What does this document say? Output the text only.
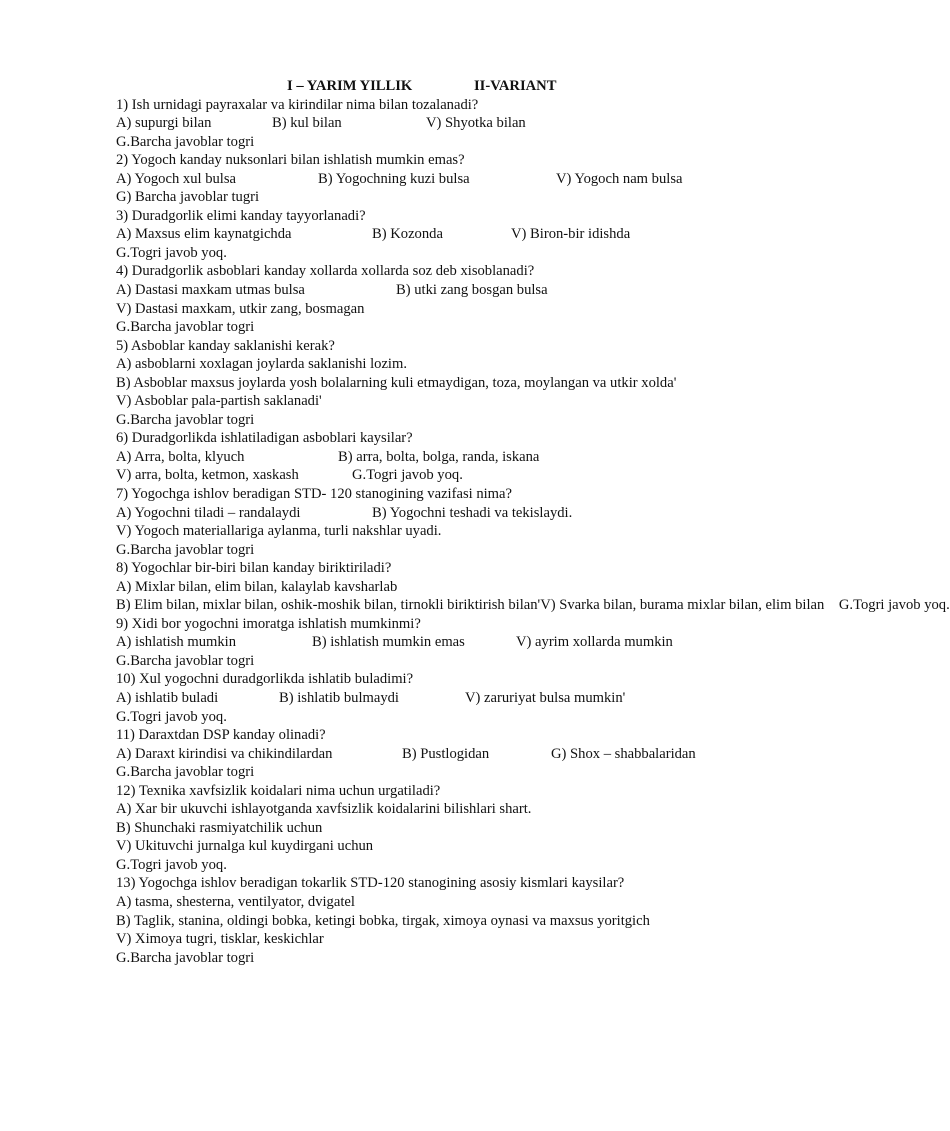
I – YARIM YILLIK	II-VARIANT
1) Ish urnidagi payraxalar va kirindilar nima bilan tozalanadi?
A) supurgi bilan	B) kul bilan	V) Shyotka bilan
G.Barcha javoblar togri
2) Yogoch kanday nuksonlari bilan ishlatish mumkin emas?
A) Yogoch xul bulsa	B) Yogochning kuzi bulsa	V) Yogoch nam bulsa
G) Barcha javoblar tugri
3) Duradgorlik elimi kanday tayyorlanadi?
A) Maxsus elim kaynatgichda	B) Kozonda	V) Biron-bir idishda
G.Togri javob yoq.
4) Duradgorlik asboblari kanday xollarda xollarda soz deb xisoblanadi?
A) Dastasi maxkam utmas bulsa	B) utki zang bosgan bulsa
V) Dastasi maxkam, utkir zang, bosmagan
G.Barcha javoblar togri
5) Asboblar kanday saklanishi kerak?
A) asboblarni xoxlagan joylarda saklanishi lozim.
B) Asboblar maxsus joylarda yosh bolalarning kuli etmaydigan, toza, moylangan va utkir xolda'
V) Asboblar pala-partish saklanadi'
G.Barcha javoblar togri
6) Duradgorlikda ishlatiladigan asboblari kaysilar?
A) Arra, bolta, klyuch	B) arra, bolta, bolga, randa, iskana
V) arra, bolta, ketmon, xaskash	G.Togri javob yoq.
7) Yogochga ishlov beradigan STD- 120 stanogining vazifasi nima?
A) Yogochni tiladi – randalaydi	B) Yogochni teshadi va tekislaydi.
V) Yogoch materiallariga aylanma, turli nakshlar uyadi.
G.Barcha javoblar togri
8) Yogochlar bir-biri bilan kanday biriktiriladi?
A) Mixlar bilan, elim bilan, kalaylab kavsharlab
B) Elim bilan, mixlar bilan, oshik-moshik bilan, tirnokli biriktirish bilan'V) Svarka bilan, burama mixlar bilan, elim bilan G.Togri javob yoq.
9) Xidi bor yogochni imoratga ishlatish mumkinmi?
A) ishlatish mumkin	B) ishlatish mumkin emas	V) ayrim xollarda mumkin
G.Barcha javoblar togri
10) Xul yogochni duradgorlikda ishlatib buladimi?
A) ishlatib buladi	B) ishlatib bulmaydi	V) zaruriyat bulsa mumkin'
G.Togri javob yoq.
11) Daraxtdan DSP kanday olinadi?
A) Daraxt kirindisi va chikindilardan	B) Pustlogidan	G) Shox – shabbalaridan
G.Barcha javoblar togri
12) Texnika xavfsizlik koidalari nima uchun urgatiladi?
A) Xar bir ukuvchi ishlayotganda xavfsizlik koidalarini bilishlari shart.
B) Shunchaki rasmiyatchilik uchun
V) Ukituvchi jurnalga kul kuydirgani uchun
G.Togri javob yoq.
13) Yogochga ishlov beradigan tokarlik STD-120 stanogining asosiy kismlari kaysilar?
A) tasma, shesterna, ventilyator, dvigatel
B) Taglik, stanina, oldingi bobka, ketingi bobka, tirgak, ximoya oynasi va maxsus yoritgich
V) Ximoya tugri, tisklar, keskichlar
G.Barcha javoblar togri
